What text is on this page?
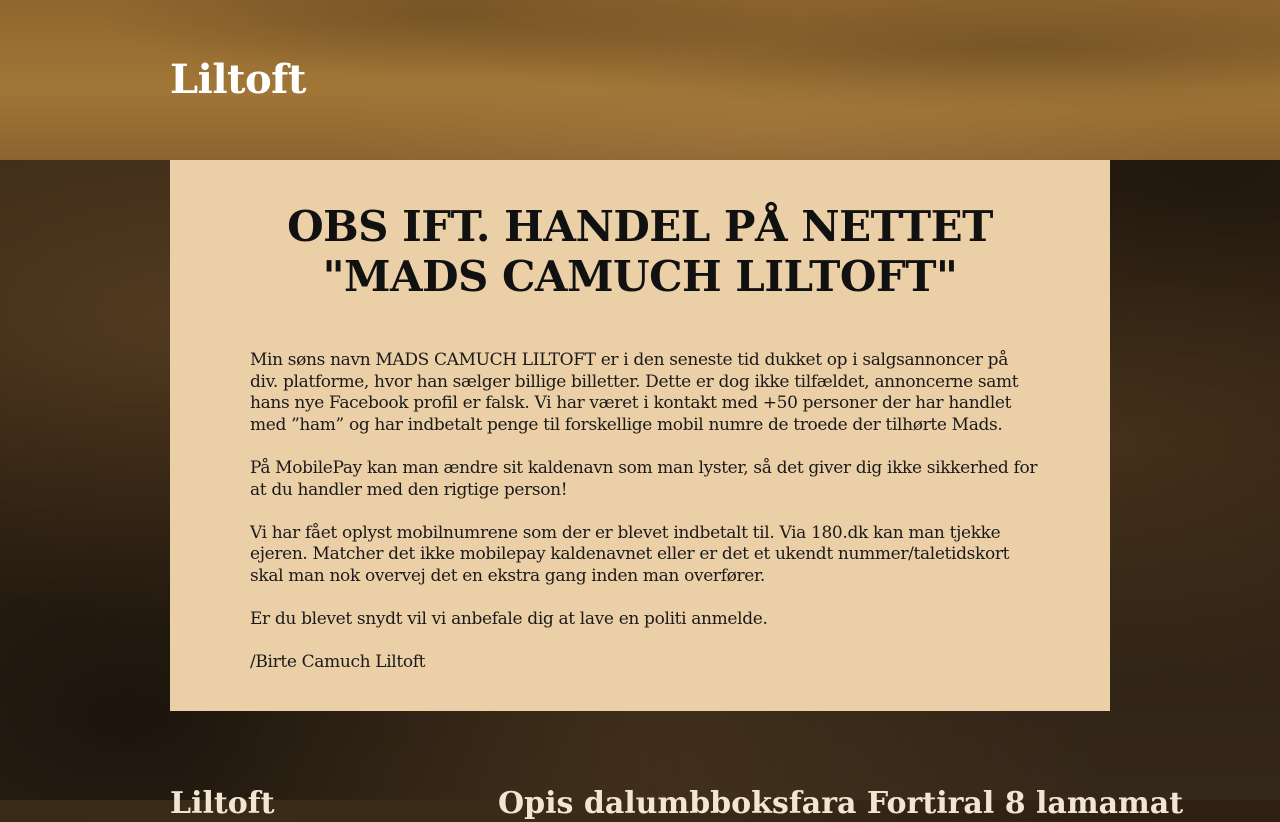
Liltoft
OBS IFT. HANDEL PÅ NETTET
"MADS CAMUCH LILTOFT"

Min søns navn MADS CAMUCH LILTOFT er i den seneste tid dukket op i salgsannoncer på div. platforme, hvor han sælger billige billetter. Dette er dog ikke tilfældet, annoncerne samt hans nye Facebook profil er falsk. Vi har været i kontakt med +50 personer der har handlet med ”ham” og har indbetalt penge til forskellige mobil numre de troede der tilhørte Mads.

På MobilePay kan man ændre sit kaldenavn som man lyster, så det giver dig ikke sikkerhed for at du handler med den rigtige person!

Vi har fået oplyst mobilnumrene som der er blevet indbetalt til. Via 180.dk kan man tjekke ejeren. Matcher det ikke mobilepay kaldenavnet eller er det et ukendt nummer/taletidskort skal man nok overvej det en ekstra gang inden man overfører.

Er du blevet snydt vil vi anbefale dig at lave en politi anmelde.

/Birte Camuch Liltoft

Liltoft	Opis dalumbboksfara Fortiral 8 lamamat
